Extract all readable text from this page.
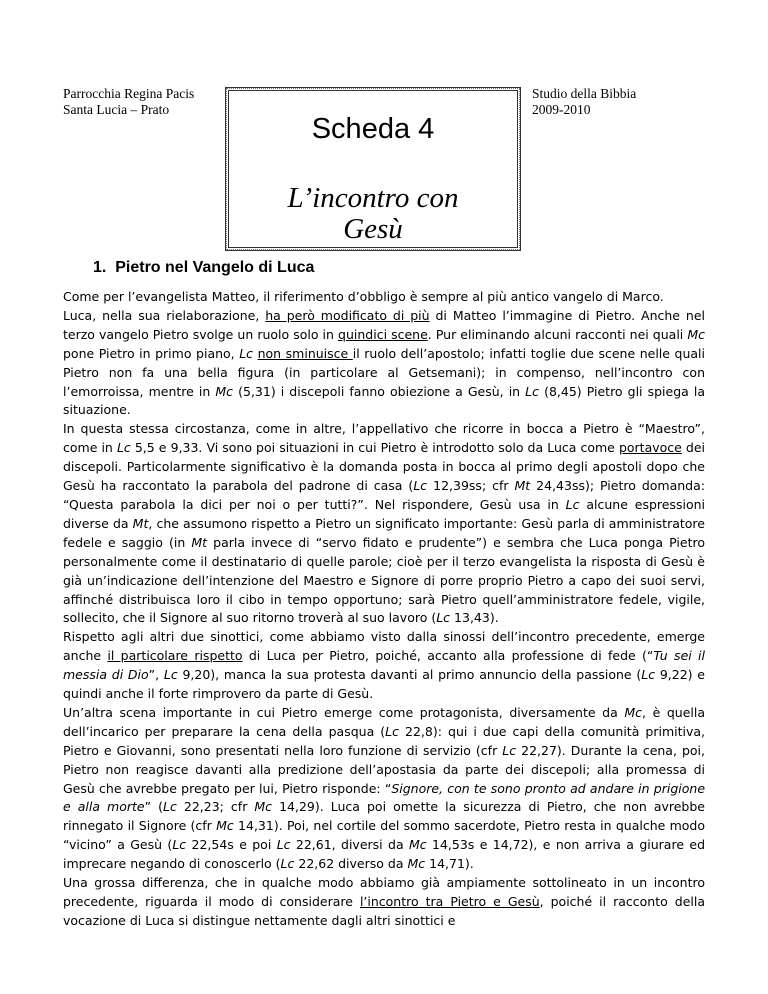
Parrocchia Regina Pacis
Santa Lucia – Prato
Studio della Bibbia
2009-2010
Scheda 4
L’incontro con
Gesù
1. Pietro nel Vangelo di Luca

Come per l’evangelista Matteo, il riferimento d’obbligo è sempre al più antico vangelo di Marco.

Luca, nella sua rielaborazione, ha però modificato di più di Matteo l’immagine di Pietro. Anche nel terzo vangelo Pietro svolge un ruolo solo in quindici scene. Pur eliminando alcuni racconti nei quali Mc pone Pietro in primo piano, Lc non sminuisce il ruolo dell’apostolo; infatti toglie due scene nelle quali Pietro non fa una bella figura (in particolare al Getsemani); in compenso, nell’incontro con l’emorroissa, mentre in Mc (5,31) i discepoli fanno obiezione a Gesù, in Lc (8,45) Pietro gli spiega la situazione.

In questa stessa circostanza, come in altre, l’appellativo che ricorre in bocca a Pietro è “Maestro”, come in Lc 5,5 e 9,33. Vi sono poi situazioni in cui Pietro è introdotto solo da Luca come portavoce dei discepoli. Particolarmente significativo è la domanda posta in bocca al primo degli apostoli dopo che Gesù ha raccontato la parabola del padrone di casa (Lc 12,39ss; cfr Mt 24,43ss); Pietro domanda: “Questa parabola la dici per noi o per tutti?”. Nel rispondere, Gesù usa in Lc alcune espressioni diverse da Mt, che assumono rispetto a Pietro un significato importante: Gesù parla di amministratore fedele e saggio (in Mt parla invece di “servo fidato e prudente”) e sembra che Luca ponga Pietro personalmente come il destinatario di quelle parole; cioè per il terzo evangelista la risposta di Gesù è già un’indicazione dell’intenzione del Maestro e Signore di porre proprio Pietro a capo dei suoi servi, affinché distribuisca loro il cibo in tempo opportuno; sarà Pietro quell’amministratore fedele, vigile, sollecito, che il Signore al suo ritorno troverà al suo lavoro (Lc 13,43).

Rispetto agli altri due sinottici, come abbiamo visto dalla sinossi dell’incontro precedente, emerge anche il particolare rispetto di Luca per Pietro, poiché, accanto alla professione di fede (“Tu sei il messia di Dio”, Lc 9,20), manca la sua protesta davanti al primo annuncio della passione (Lc 9,22) e quindi anche il forte rimprovero da parte di Gesù.

Un’altra scena importante in cui Pietro emerge come protagonista, diversamente da Mc, è quella dell’incarico per preparare la cena della pasqua (Lc 22,8): qui i due capi della comunità primitiva, Pietro e Giovanni, sono presentati nella loro funzione di servizio (cfr Lc 22,27). Durante la cena, poi, Pietro non reagisce davanti alla predizione dell’apostasia da parte dei discepoli; alla promessa di Gesù che avrebbe pregato per lui, Pietro risponde: “Signore, con te sono pronto ad andare in prigione e alla morte” (Lc 22,23; cfr Mc 14,29). Luca poi omette la sicurezza di Pietro, che non avrebbe rinnegato il Signore (cfr Mc 14,31). Poi, nel cortile del sommo sacerdote, Pietro resta in qualche modo “vicino” a Gesù (Lc 22,54s e poi Lc 22,61, diversi da Mc 14,53s e 14,72), e non arriva a giurare ed imprecare negando di conoscerlo (Lc 22,62 diverso da Mc 14,71).

Una grossa differenza, che in qualche modo abbiamo già ampiamente sottolineato in un incontro precedente, riguarda il modo di considerare l’incontro tra Pietro e Gesù, poiché il racconto della vocazione di Luca si distingue nettamente dagli altri sinottici e
